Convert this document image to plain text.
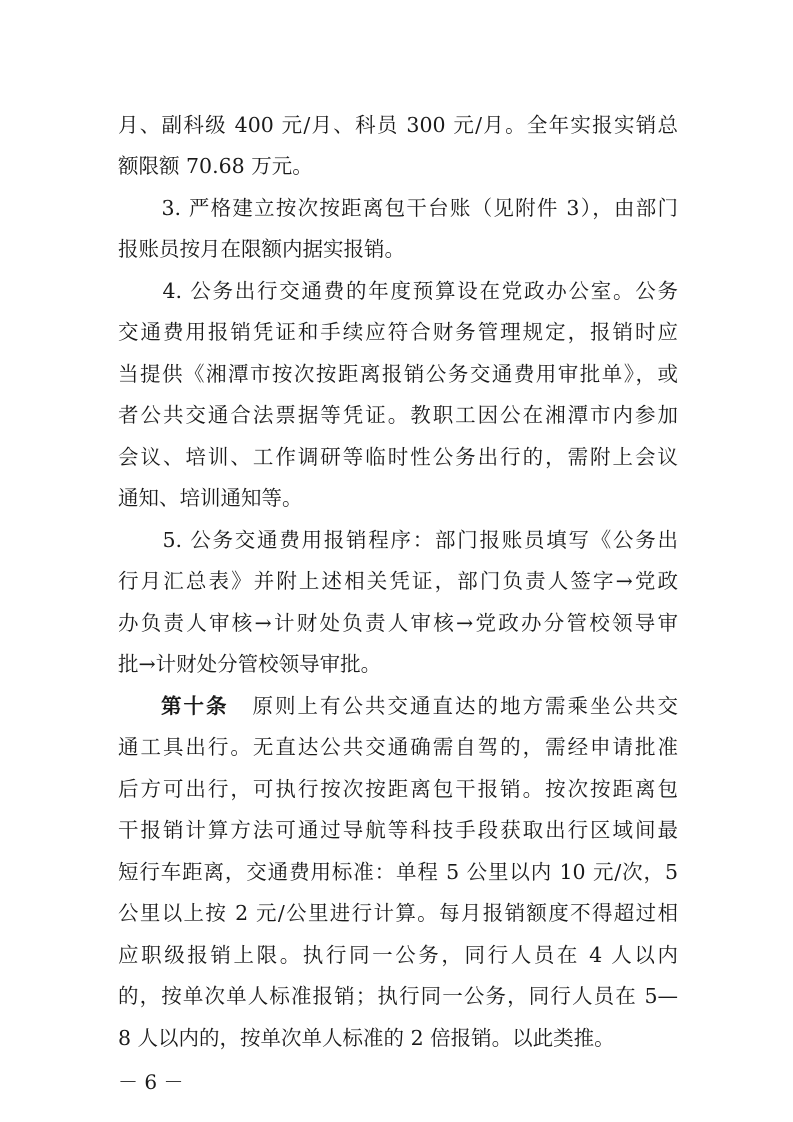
月、副科级 400 元/月、科员 300 元/月。全年实报实销总
额限额 70.68 万元。
　　3. 严格建立按次按距离包干台账（见附件 3），由部门
报账员按月在限额内据实报销。
　　4. 公务出行交通费的年度预算设在党政办公室。公务
交通费用报销凭证和手续应符合财务管理规定，报销时应
当提供《湘潭市按次按距离报销公务交通费用审批单》，或
者公共交通合法票据等凭证。教职工因公在湘潭市内参加
会议、培训、工作调研等临时性公务出行的，需附上会议
通知、培训通知等。
　　5. 公务交通费用报销程序：部门报账员填写《公务出
行月汇总表》并附上述相关凭证，部门负责人签字→党政
办负责人审核→计财处负责人审核→党政办分管校领导审
批→计财处分管校领导审批。
第十条 原则上有公共交通直达的地方需乘坐公共交
通工具出行。无直达公共交通确需自驾的，需经申请批准
后方可出行，可执行按次按距离包干报销。按次按距离包
干报销计算方法可通过导航等科技手段获取出行区域间最
短行车距离，交通费用标准：单程 5 公里以内 10 元/次，5
公里以上按 2 元/公里进行计算。每月报销额度不得超过相
应职级报销上限。执行同一公务，同行人员在 4 人以内
的，按单次单人标准报销；执行同一公务，同行人员在 5—
8 人以内的，按单次单人标准的 2 倍报销。以此类推。
－ 6 －
